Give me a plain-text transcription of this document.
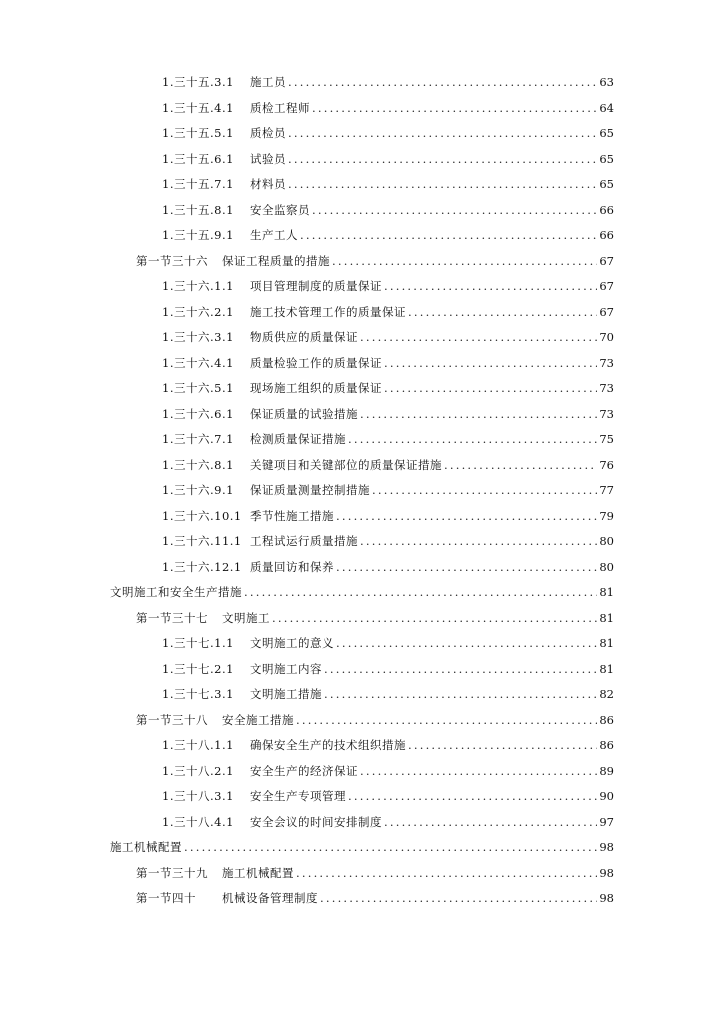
1.三十五.3.1	施工员 .....	63
1.三十五.4.1	质检工程师 .....	64
1.三十五.5.1	质检员 .....	65
1.三十五.6.1	试验员 .....	65
1.三十五.7.1	材料员 .....	65
1.三十五.8.1	安全监察员 .....	66
1.三十五.9.1	生产工人 .....	66
第一节三十六	保证工程质量的措施 .....	67
1.三十六.1.1	项目管理制度的质量保证 .....	67
1.三十六.2.1	施工技术管理工作的质量保证 .....	67
1.三十六.3.1	物质供应的质量保证 .....	70
1.三十六.4.1	质量检验工作的质量保证 .....	73
1.三十六.5.1	现场施工组织的质量保证 .....	73
1.三十六.6.1	保证质量的试验措施 .....	73
1.三十六.7.1	检测质量保证措施 .....	75
1.三十六.8.1	关键项目和关键部位的质量保证措施 .....	76
1.三十六.9.1	保证质量测量控制措施 .....	77
1.三十六.10.1 季节性施工措施 .....	79
1.三十六.11.1 工程试运行质量措施 .....	80
1.三十六.12.1 质量回访和保养 .....	80
文明施工和安全生产措施 .....	81
第一节三十七	文明施工 .....	81
1.三十七.1.1	文明施工的意义 .....	81
1.三十七.2.1	文明施工内容 .....	81
1.三十七.3.1	文明施工措施 .....	82
第一节三十八	安全施工措施 .....	86
1.三十八.1.1	确保安全生产的技术组织措施 .....	86
1.三十八.2.1	安全生产的经济保证 .....	89
1.三十八.3.1	安全生产专项管理 .....	90
1.三十八.4.1	安全会议的时间安排制度 .....	97
施工机械配置 .....	98
第一节三十九	施工机械配置 .....	98
第一节四十	机械设备管理制度 .....	98
